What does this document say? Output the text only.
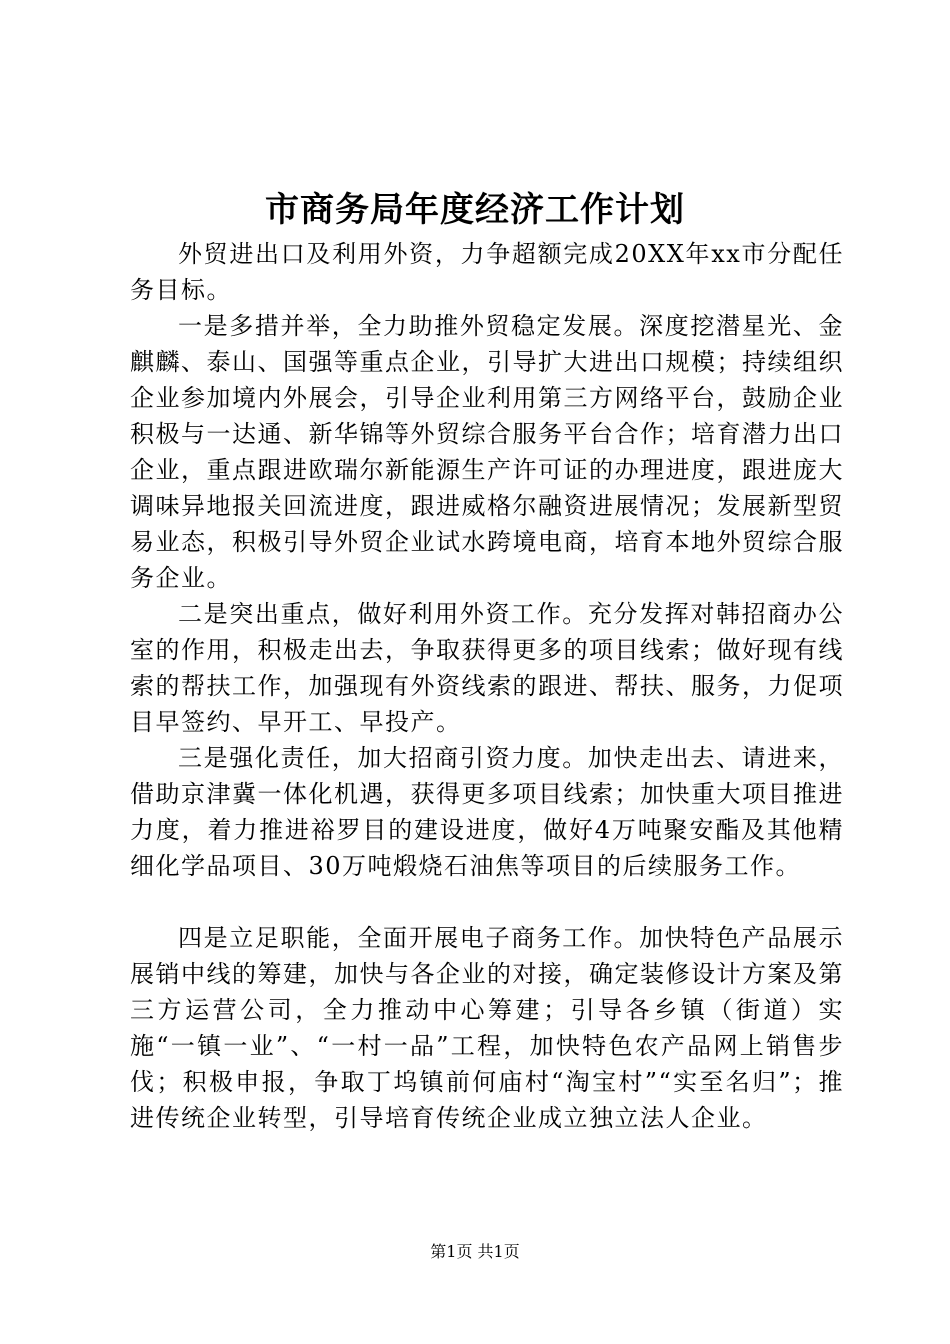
市商务局年度经济工作计划

外贸进出口及利用外资，力争超额完成20XX年xx市分配任务目标。

一是多措并举，全力助推外贸稳定发展。深度挖潜星光、金麒麟、泰山、国强等重点企业，引导扩大进出口规模；持续组织企业参加境内外展会，引导企业利用第三方网络平台，鼓励企业积极与一达通、新华锦等外贸综合服务平台合作；培育潜力出口企业，重点跟进欧瑞尔新能源生产许可证的办理进度，跟进庞大调味异地报关回流进度，跟进威格尔融资进展情况；发展新型贸易业态，积极引导外贸企业试水跨境电商，培育本地外贸综合服务企业。

二是突出重点，做好利用外资工作。充分发挥对韩招商办公室的作用，积极走出去，争取获得更多的项目线索；做好现有线索的帮扶工作，加强现有外资线索的跟进、帮扶、服务，力促项目早签约、早开工、早投产。

三是强化责任，加大招商引资力度。加快走出去、请进来，借助京津冀一体化机遇，获得更多项目线索；加快重大项目推进力度，着力推进裕罗目的建设进度，做好4万吨聚安酯及其他精细化学品项目、30万吨煅烧石油焦等项目的后续服务工作。

四是立足职能，全面开展电子商务工作。加快特色产品展示展销中线的筹建，加快与各企业的对接，确定装修设计方案及第三方运营公司，全力推动中心筹建；引导各乡镇（街道）实施“一镇一业”、“一村一品”工程，加快特色农产品网上销售步伐；积极申报，争取丁坞镇前何庙村“淘宝村”“实至名归”；推进传统企业转型，引导培育传统企业成立独立法人企业。

第1页 共1页
